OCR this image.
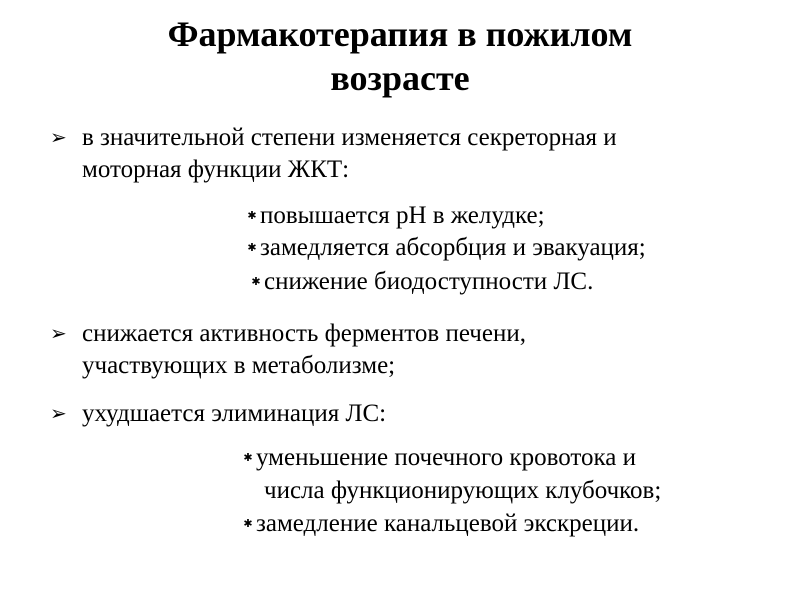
Фармакотерапия в пожилом
возрасте
➢ в значительной степени изменяется секреторная и
моторная функции ЖКТ:
✱ повышается рН в желудке;
✱ замедляется абсорбция и эвакуация;
✱ снижение биодоступности ЛС.
➢ снижается активность ферментов печени,
участвующих в метаболизме;
➢ ухудшается элиминация ЛС:
✱ уменьшение почечного кровотока и
числа функционирующих клубочков;
✱ замедление канальцевой экскреции.
